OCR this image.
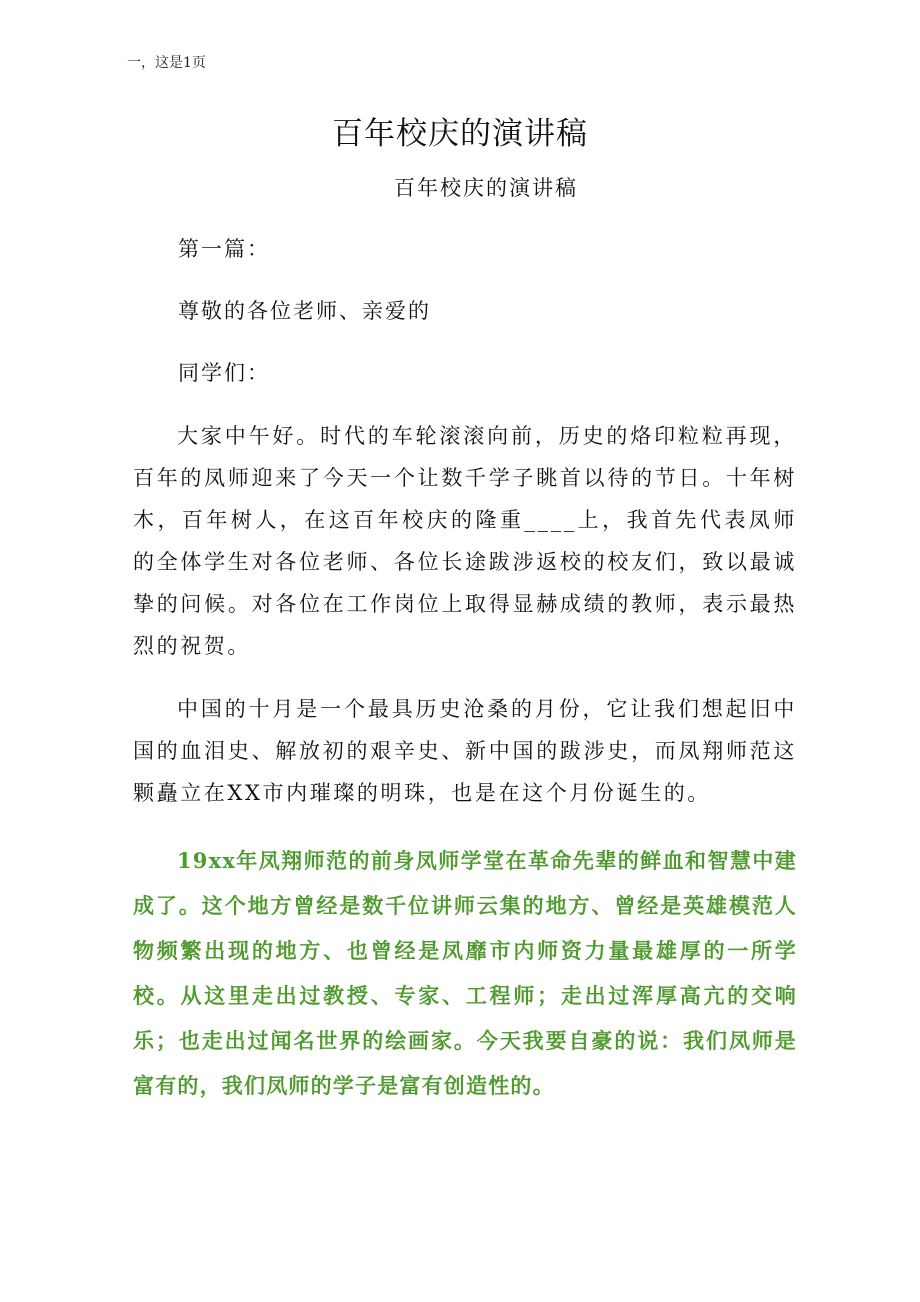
一，这是1页
百年校庆的演讲稿
百年校庆的演讲稿
第一篇：
尊敬的各位老师、亲爱的
同学们：

大家中午好。时代的车轮滚滚向前，历史的烙印粒粒再现，百年的凤师迎来了今天一个让数千学子眺首以待的节日。十年树木，百年树人，在这百年校庆的隆重____上，我首先代表凤师的全体学生对各位老师、各位长途跋涉返校的校友们，致以最诚挚的问候。对各位在工作岗位上取得显赫成绩的教师，表示最热烈的祝贺。

中国的十月是一个最具历史沧桑的月份，它让我们想起旧中国的血泪史、解放初的艰辛史、新中国的跋涉史，而凤翔师范这颗矗立在XX市内璀璨的明珠，也是在这个月份诞生的。

19xx年凤翔师范的前身凤师学堂在革命先辈的鲜血和智慧中建成了。这个地方曾经是数千位讲师云集的地方、曾经是英雄模范人物频繁出现的地方、也曾经是凤靡市内师资力量最雄厚的一所学校。从这里走出过教授、专家、工程师；走出过浑厚高亢的交响乐；也走出过闻名世界的绘画家。今天我要自豪的说：我们凤师是富有的，我们凤师的学子是富有创造性的。
